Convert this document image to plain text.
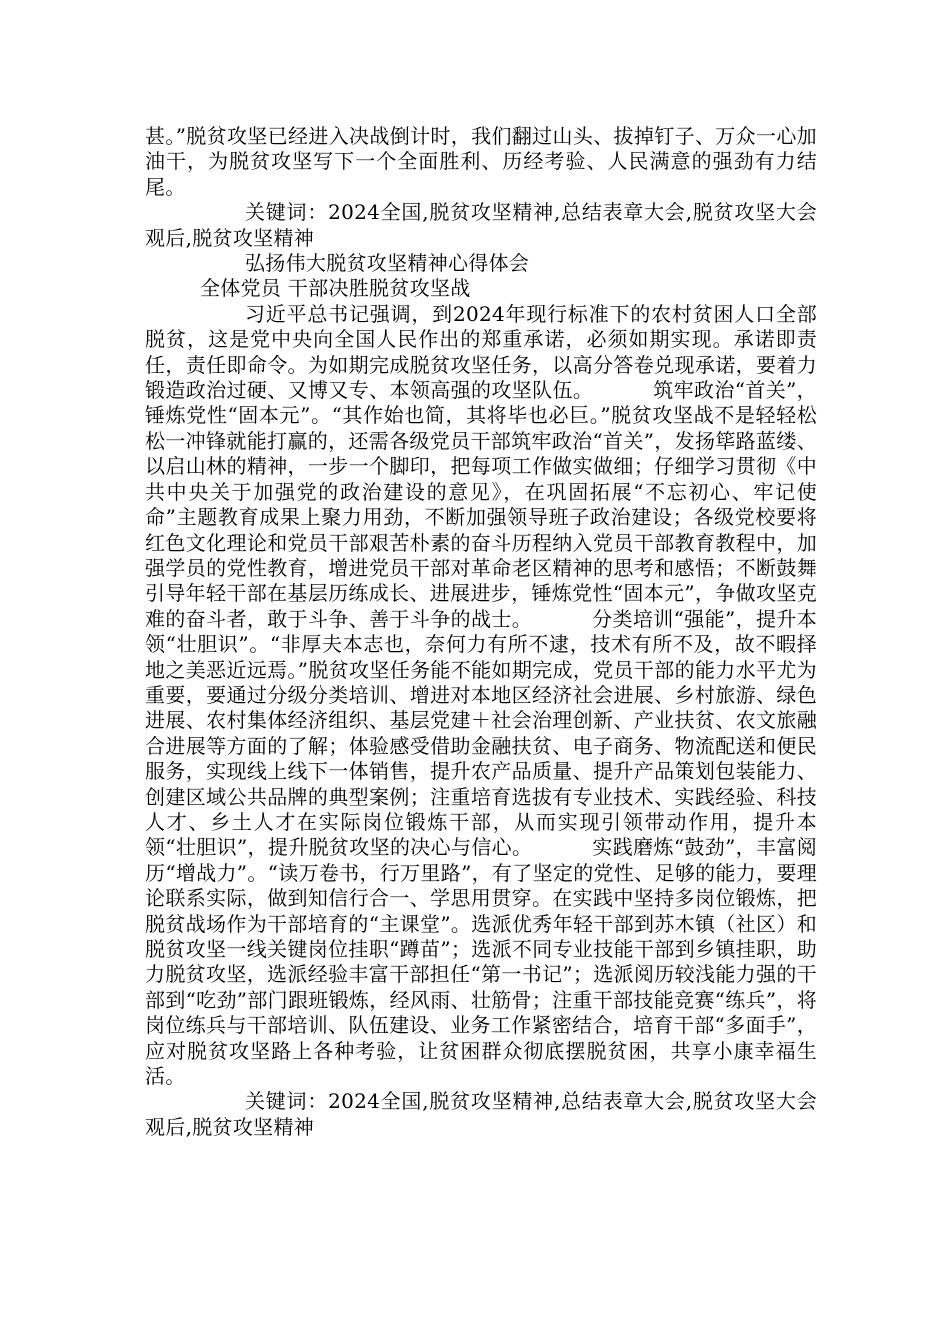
甚。”脱贫攻坚已经进入决战倒计时，我们翻过山头、拔掉钉子、万众一心加油干，为脱贫攻坚写下一个全面胜利、历经考验、人民满意的强劲有力结尾。

关键词：2024全国,脱贫攻坚精神,总结表章大会,脱贫攻坚大会观后,脱贫攻坚精神

弘扬伟大脱贫攻坚精神心得体会

全体党员 干部决胜脱贫攻坚战

习近平总书记强调，到2024年现行标准下的农村贫困人口全部脱贫，这是党中央向全国人民作出的郑重承诺，必须如期实现。承诺即责任，责任即命令。为如期完成脱贫攻坚任务，以高分答卷兑现承诺，要着力锻造政治过硬、又博又专、本领高强的攻坚队伍。	筑牢政治“首关”，锤炼党性“固本元”。“其作始也简，其将毕也必巨。”脱贫攻坚战不是轻轻松松一冲锋就能打赢的，还需各级党员干部筑牢政治“首关”，发扬筚路蓝缕、以启山林的精神，一步一个脚印，把每项工作做实做细；仔细学习贯彻《中共中央关于加强党的政治建设的意见》，在巩固拓展“不忘初心、牢记使命”主题教育成果上聚力用劲，不断加强领导班子政治建设；各级党校要将红色文化理论和党员干部艰苦朴素的奋斗历程纳入党员干部教育教程中，加强学员的党性教育，增进党员干部对革命老区精神的思考和感悟；不断鼓舞引导年轻干部在基层历练成长、进展进步，锤炼党性“固本元”，争做攻坚克难的奋斗者，敢于斗争、善于斗争的战士。	分类培训“强能”，提升本领“壮胆识”。“非厚夫本志也，奈何力有所不逮，技术有所不及，故不暇择地之美恶近远焉。”脱贫攻坚任务能不能如期完成，党员干部的能力水平尤为重要，要通过分级分类培训、增进对本地区经济社会进展、乡村旅游、绿色进展、农村集体经济组织、基层党建＋社会治理创新、产业扶贫、农文旅融合进展等方面的了解；体验感受借助金融扶贫、电子商务、物流配送和便民服务，实现线上线下一体销售，提升农产品质量、提升产品策划包装能力、创建区域公共品牌的典型案例；注重培育选拔有专业技术、实践经验、科技人才、乡土人才在实际岗位锻炼干部，从而实现引领带动作用，提升本领“壮胆识”，提升脱贫攻坚的决心与信心。	实践磨炼“鼓劲”，丰富阅历“增战力”。“读万卷书，行万里路”，有了坚定的党性、足够的能力，要理论联系实际，做到知信行合一、学思用贯穿。在实践中坚持多岗位锻炼，把脱贫战场作为干部培育的“主课堂”。选派优秀年轻干部到苏木镇（社区）和脱贫攻坚一线关键岗位挂职“蹲苗”；选派不同专业技能干部到乡镇挂职，助力脱贫攻坚，选派经验丰富干部担任“第一书记”；选派阅历较浅能力强的干部到“吃劲”部门跟班锻炼，经风雨、壮筋骨；注重干部技能竞赛“练兵”，将岗位练兵与干部培训、队伍建设、业务工作紧密结合，培育干部“多面手”，应对脱贫攻坚路上各种考验，让贫困群众彻底摆脱贫困，共享小康幸福生活。

关键词：2024全国,脱贫攻坚精神,总结表章大会,脱贫攻坚大会观后,脱贫攻坚精神
